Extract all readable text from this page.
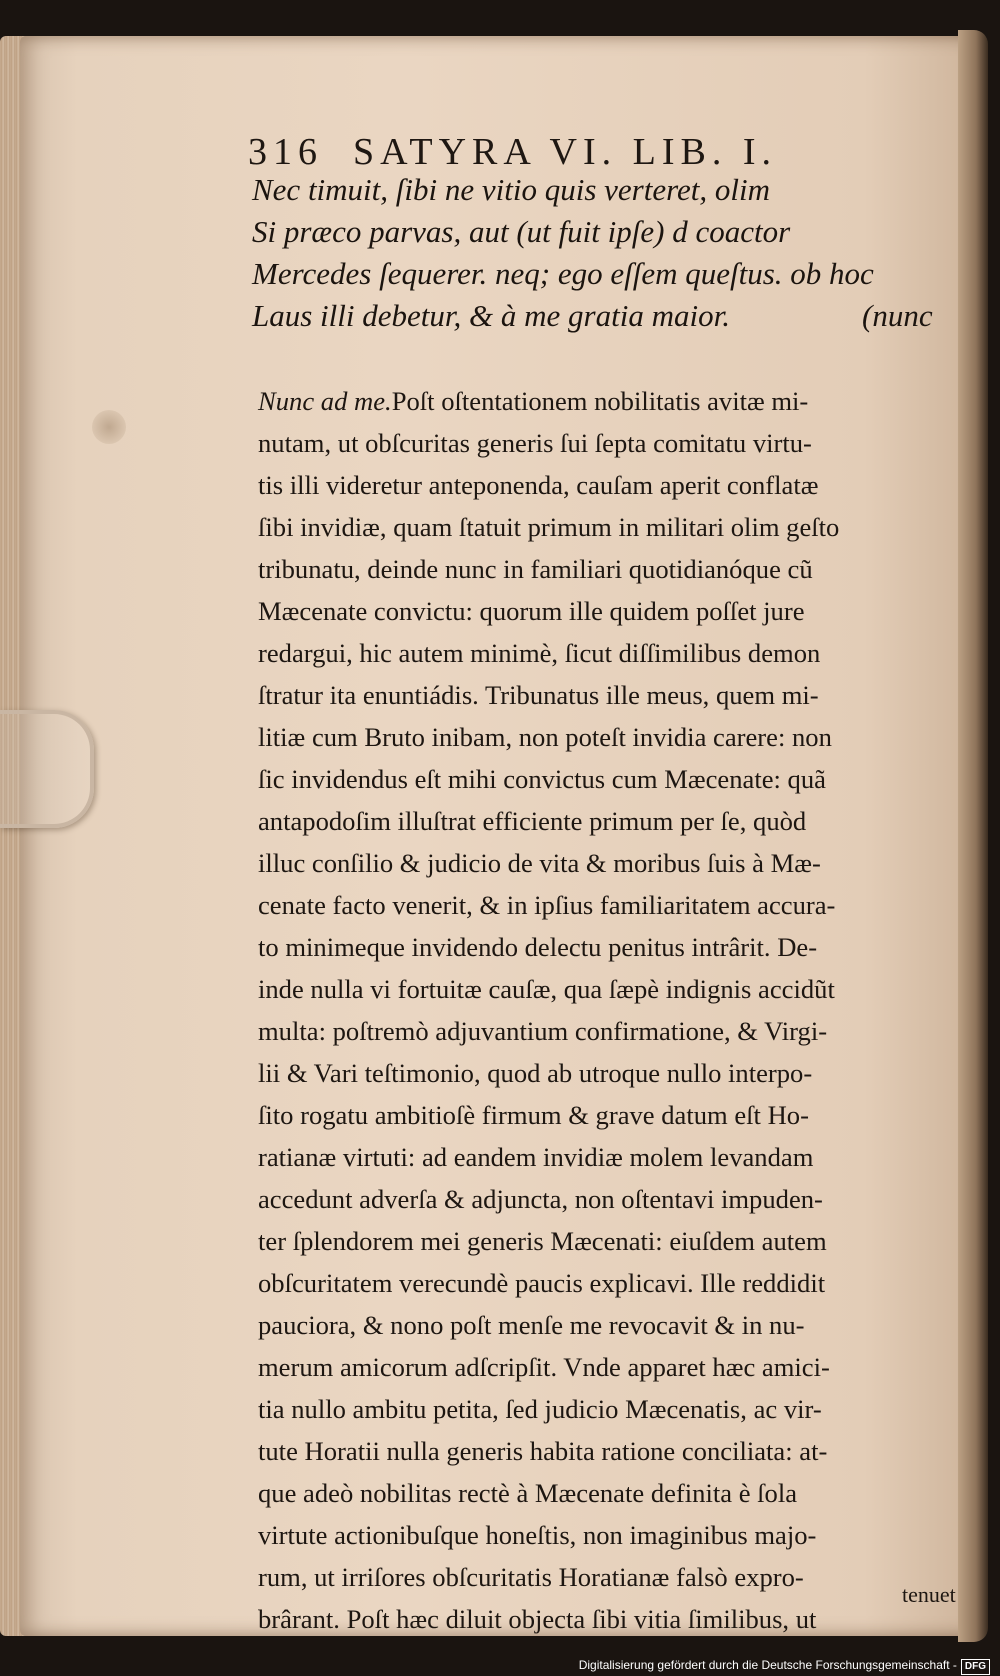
316 SATYRA VI. LIB. I.
Nec timuit, ſibi ne vitio quis verteret, olim
Si præco parvas, aut (ut fuit ipſe) d coactor
Mercedes ſequerer. neq; ego eſſem queſtus. ob hoc
Laus illi debetur, & à me gratia maior.	(nunc
Nunc ad me.Poſt oſtentationem nobilitatis avitæ mi-
nutam, ut obſcuritas generis ſui ſepta comitatu virtu-
tis illi videretur anteponenda, cauſam aperit conflatæ
ſibi invidiæ, quam ſtatuit primum in militari olim geſto
tribunatu, deinde nunc in familiari quotidianóque cũ
Mæcenate convictu: quorum ille quidem poſſet jure
redargui, hic autem minimè, ſicut diſſimilibus demon
ſtratur ita enuntiádis. Tribunatus ille meus, quem mi-
litiæ cum Bruto inibam, non poteſt invidia carere: non
ſic invidendus eſt mihi convictus cum Mæcenate: quã
antapodoſim illuſtrat efficiente primum per ſe, quòd
illuc conſilio & judicio de vita & moribus ſuis à Mæ-
cenate facto venerit, & in ipſius familiaritatem accura-
to minimeque invidendo delectu penitus intrârit. De-
inde nulla vi fortuitæ cauſæ, qua ſæpè indignis accidũt
multa: poſtremò adjuvantium confirmatione, & Virgi-
lii & Vari teſtimonio, quod ab utroque nullo interpo-
ſito rogatu ambitioſè firmum & grave datum eſt Ho-
ratianæ virtuti: ad eandem invidiæ molem levandam
accedunt adverſa & adjuncta, non oſtentavi impuden-
ter ſplendorem mei generis Mæcenati: eiuſdem autem
obſcuritatem verecundè paucis explicavi. Ille reddidit
pauciora, & nono poſt menſe me revocavit & in nu-
merum amicorum adſcripſit. Vnde apparet hæc amici-
tia nullo ambitu petita, ſed judicio Mæcenatis, ac vir-
tute Horatii nulla generis habita ratione conciliata: at-
que adeò nobilitas rectè à Mæcenate definita è ſola
virtute actionibuſque honeſtis, non imaginibus majo-
rum, ut irriſores obſcuritatis Horatianæ falsò expro-
brârant. Poſt hæc diluit objecta ſibi vitia ſimilibus, ut
tenuet
Digitalisierung gefördert durch die Deutsche Forschungsgemeinschaft - DFG
